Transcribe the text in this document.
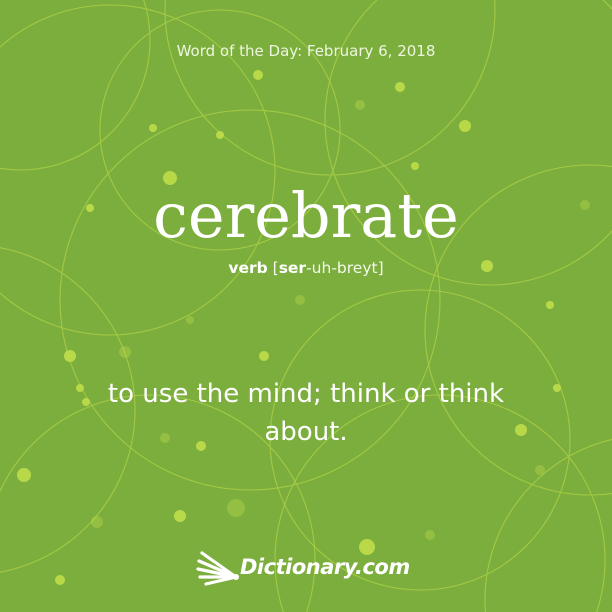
Word of the Day: February 6, 2018
cerebrate
verb [ser-uh-breyt]
to use the mind; think or think about.
Dictionary.com
